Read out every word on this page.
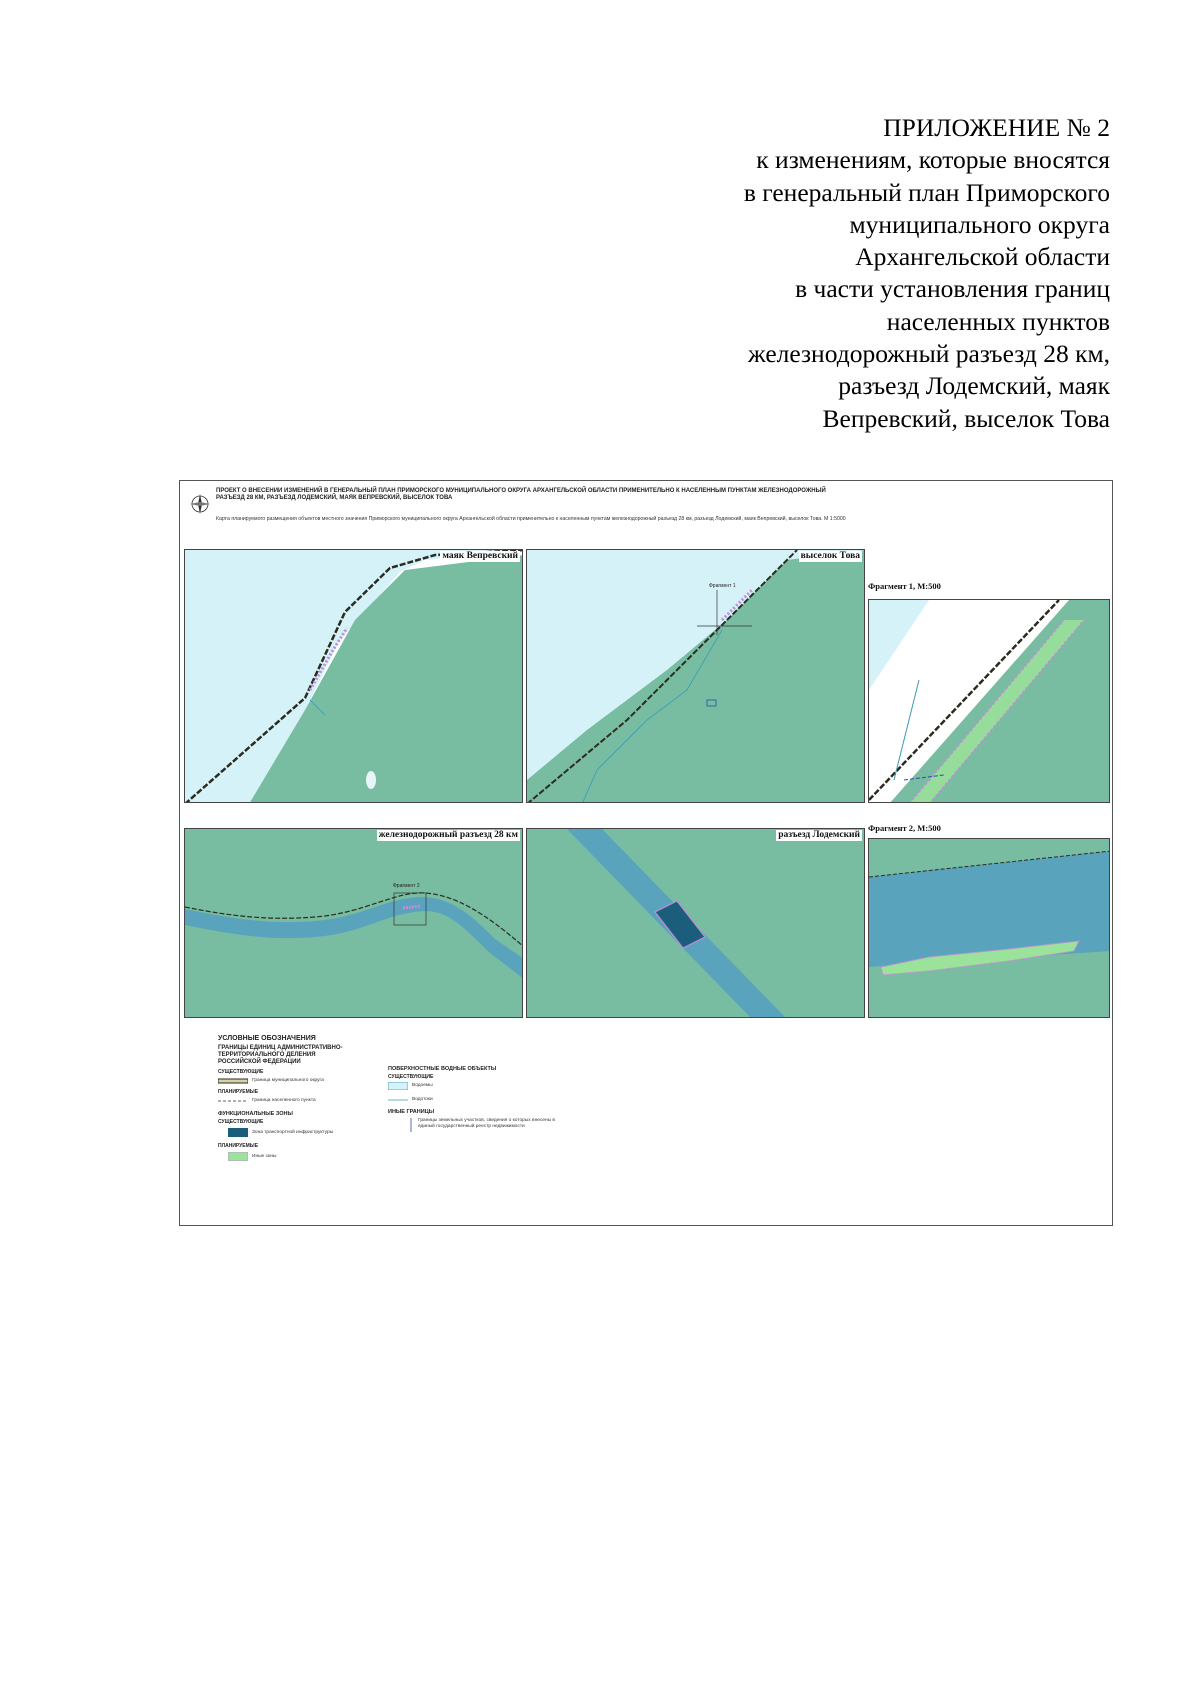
ПРИЛОЖЕНИЕ № 2
к изменениям, которые вносятся
в генеральный план Приморского
муниципального округа
Архангельской области
в части установления границ
населенных пунктов
железнодорожный разъезд 28 км,
разъезд Лодемский, маяк
Вепревский, выселок Това
ПРОЕКТ О ВНЕСЕНИИ ИЗМЕНЕНИЙ В ГЕНЕРАЛЬНЫЙ ПЛАН ПРИМОРСКОГО МУНИЦИПАЛЬНОГО ОКРУГА АРХАНГЕЛЬСКОЙ ОБЛАСТИ ПРИМЕНИТЕЛЬНО К НАСЕЛЕННЫМ ПУНКТАМ ЖЕЛЕЗНОДОРОЖНЫЙ РАЗЪЕЗД 28 КМ, РАЗЪЕЗД ЛОДЕМСКИЙ, МАЯК ВЕПРЕВСКИЙ, ВЫСЕЛОК ТОВА
Карта планируемого размещения объектов местного значения Приморского муниципального округа Архангельской области применительно к населенным пунктам железнодорожный разъезд 28 км, разъезд Лодемский, маяк Вепревский, выселок Това. М 1:5000
маяк Вепревский
Фрагмент 1
выселок Това
Фрагмент 1, М:500
Фрагмент 2
железнодорожный разъезд 28 км	разъезд Лодемский
Фрагмент 2, М:500
УСЛОВНЫЕ ОБОЗНАЧЕНИЯ
ГРАНИЦЫ ЕДИНИЦ АДМИНИСТРАТИВНО-ТЕРРИТОРИАЛЬНОГО ДЕЛЕНИЯ РОССИЙСКОЙ ФЕДЕРАЦИИ
СУЩЕСТВУЮЩИЕ
Граница муниципального округа
ПЛАНИРУЕМЫЕ
Граница населенного пункта
ФУНКЦИОНАЛЬНЫЕ ЗОНЫ
СУЩЕСТВУЮЩИЕ
Зона транспортной инфраструктуры
ПЛАНИРУЕМЫЕ
Иные зоны
ПОВЕРХНОСТНЫЕ ВОДНЫЕ ОБЪЕКТЫ
СУЩЕСТВУЮЩИЕ
Водоемы
Водотоки
ИНЫЕ ГРАНИЦЫ
Границы земельных участков, сведения о которых внесены в единый государственный реестр недвижимости
